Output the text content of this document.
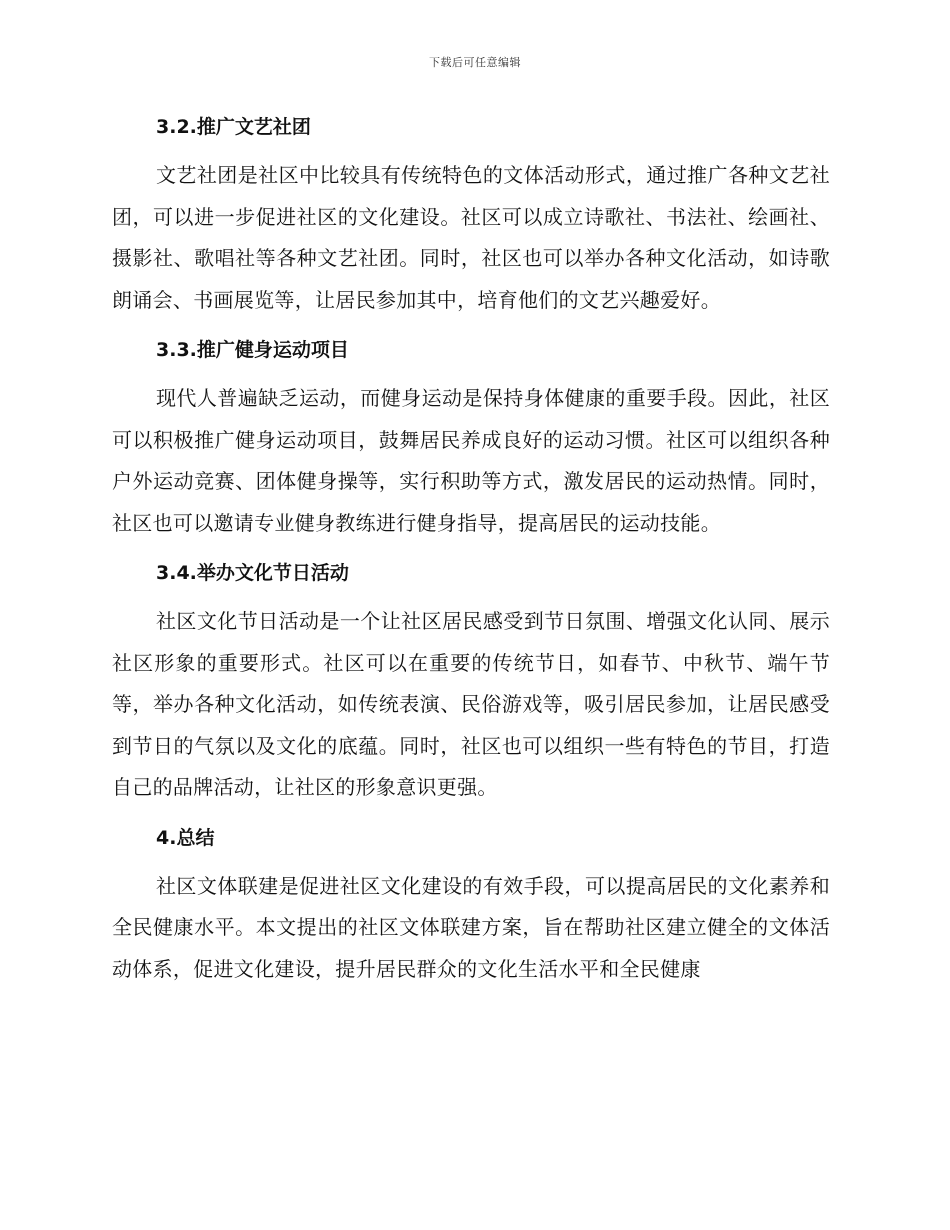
下载后可任意编辑
3.2.推广文艺社团

文艺社团是社区中比较具有传统特色的文体活动形式，通过推广各种文艺社团，可以进一步促进社区的文化建设。社区可以成立诗歌社、书法社、绘画社、摄影社、歌唱社等各种文艺社团。同时，社区也可以举办各种文化活动，如诗歌朗诵会、书画展览等，让居民参加其中，培育他们的文艺兴趣爱好。

3.3.推广健身运动项目

现代人普遍缺乏运动，而健身运动是保持身体健康的重要手段。因此，社区可以积极推广健身运动项目，鼓舞居民养成良好的运动习惯。社区可以组织各种户外运动竞赛、团体健身操等，实行积助等方式，激发居民的运动热情。同时，社区也可以邀请专业健身教练进行健身指导，提高居民的运动技能。

3.4.举办文化节日活动

社区文化节日活动是一个让社区居民感受到节日氛围、增强文化认同、展示社区形象的重要形式。社区可以在重要的传统节日，如春节、中秋节、端午节等，举办各种文化活动，如传统表演、民俗游戏等，吸引居民参加，让居民感受到节日的气氛以及文化的底蕴。同时，社区也可以组织一些有特色的节目，打造自己的品牌活动，让社区的形象意识更强。

4.总结

社区文体联建是促进社区文化建设的有效手段，可以提高居民的文化素养和全民健康水平。本文提出的社区文体联建方案，旨在帮助社区建立健全的文体活动体系，促进文化建设，提升居民群众的文化生活水平和全民健康
